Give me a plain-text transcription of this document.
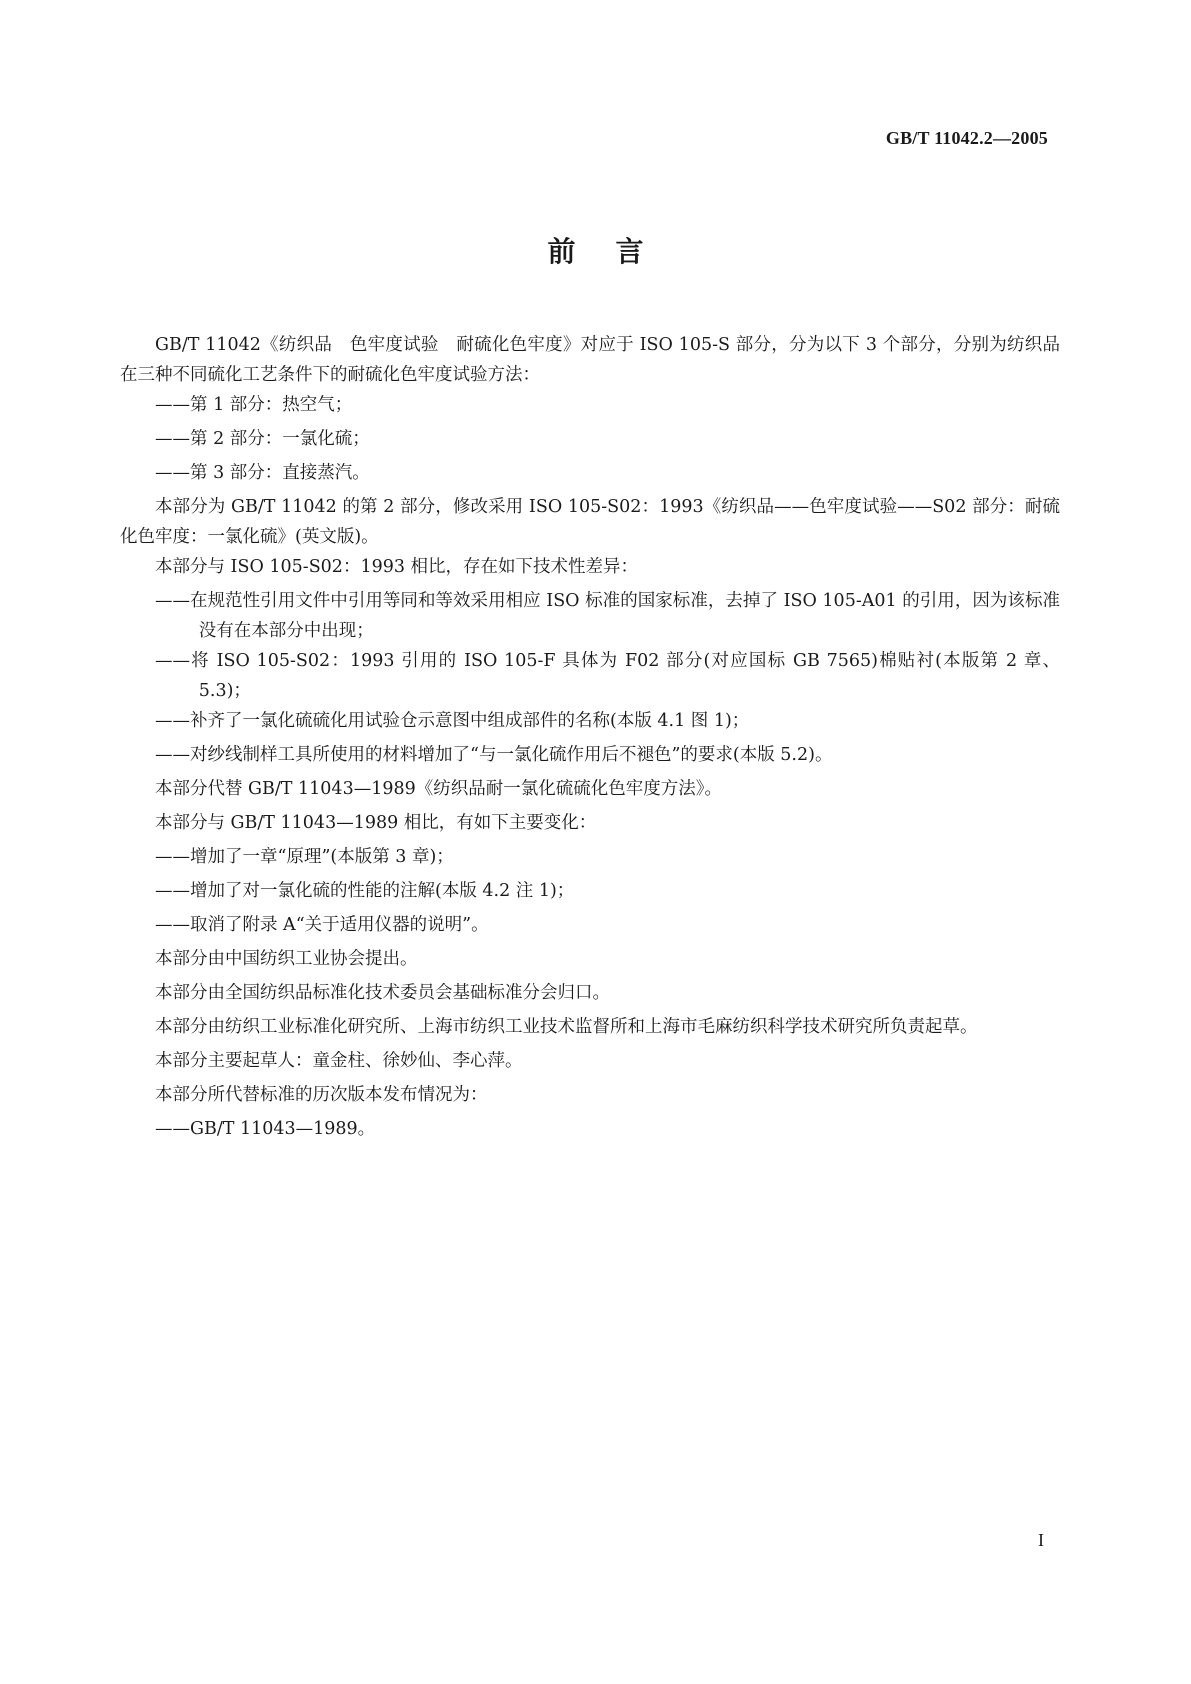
GB/T 11042.2—2005
前言

GB/T 11042《纺织品　色牢度试验　耐硫化色牢度》对应于 ISO 105-S 部分，分为以下 3 个部分，分别为纺织品在三种不同硫化工艺条件下的耐硫化色牢度试验方法：

——第 1 部分：热空气；

——第 2 部分：一氯化硫；

——第 3 部分：直接蒸汽。

本部分为 GB/T 11042 的第 2 部分，修改采用 ISO 105-S02：1993《纺织品——色牢度试验——S02 部分：耐硫化色牢度：一氯化硫》(英文版)。

本部分与 ISO 105-S02：1993 相比，存在如下技术性差异：

——在规范性引用文件中引用等同和等效采用相应 ISO 标准的国家标准，去掉了 ISO 105-A01 的引用，因为该标准没有在本部分中出现；

——将 ISO 105-S02：1993 引用的 ISO 105-F 具体为 F02 部分(对应国标 GB 7565)棉贴衬(本版第 2 章、5.3)；

——补齐了一氯化硫硫化用试验仓示意图中组成部件的名称(本版 4.1 图 1)；

——对纱线制样工具所使用的材料增加了“与一氯化硫作用后不褪色”的要求(本版 5.2)。

本部分代替 GB/T 11043—1989《纺织品耐一氯化硫硫化色牢度方法》。

本部分与 GB/T 11043—1989 相比，有如下主要变化：

——增加了一章“原理”(本版第 3 章)；

——增加了对一氯化硫的性能的注解(本版 4.2 注 1)；

——取消了附录 A“关于适用仪器的说明”。

本部分由中国纺织工业协会提出。

本部分由全国纺织品标准化技术委员会基础标准分会归口。

本部分由纺织工业标准化研究所、上海市纺织工业技术监督所和上海市毛麻纺织科学技术研究所负责起草。

本部分主要起草人：童金柱、徐妙仙、李心萍。

本部分所代替标准的历次版本发布情况为：

——GB/T 11043—1989。

I
